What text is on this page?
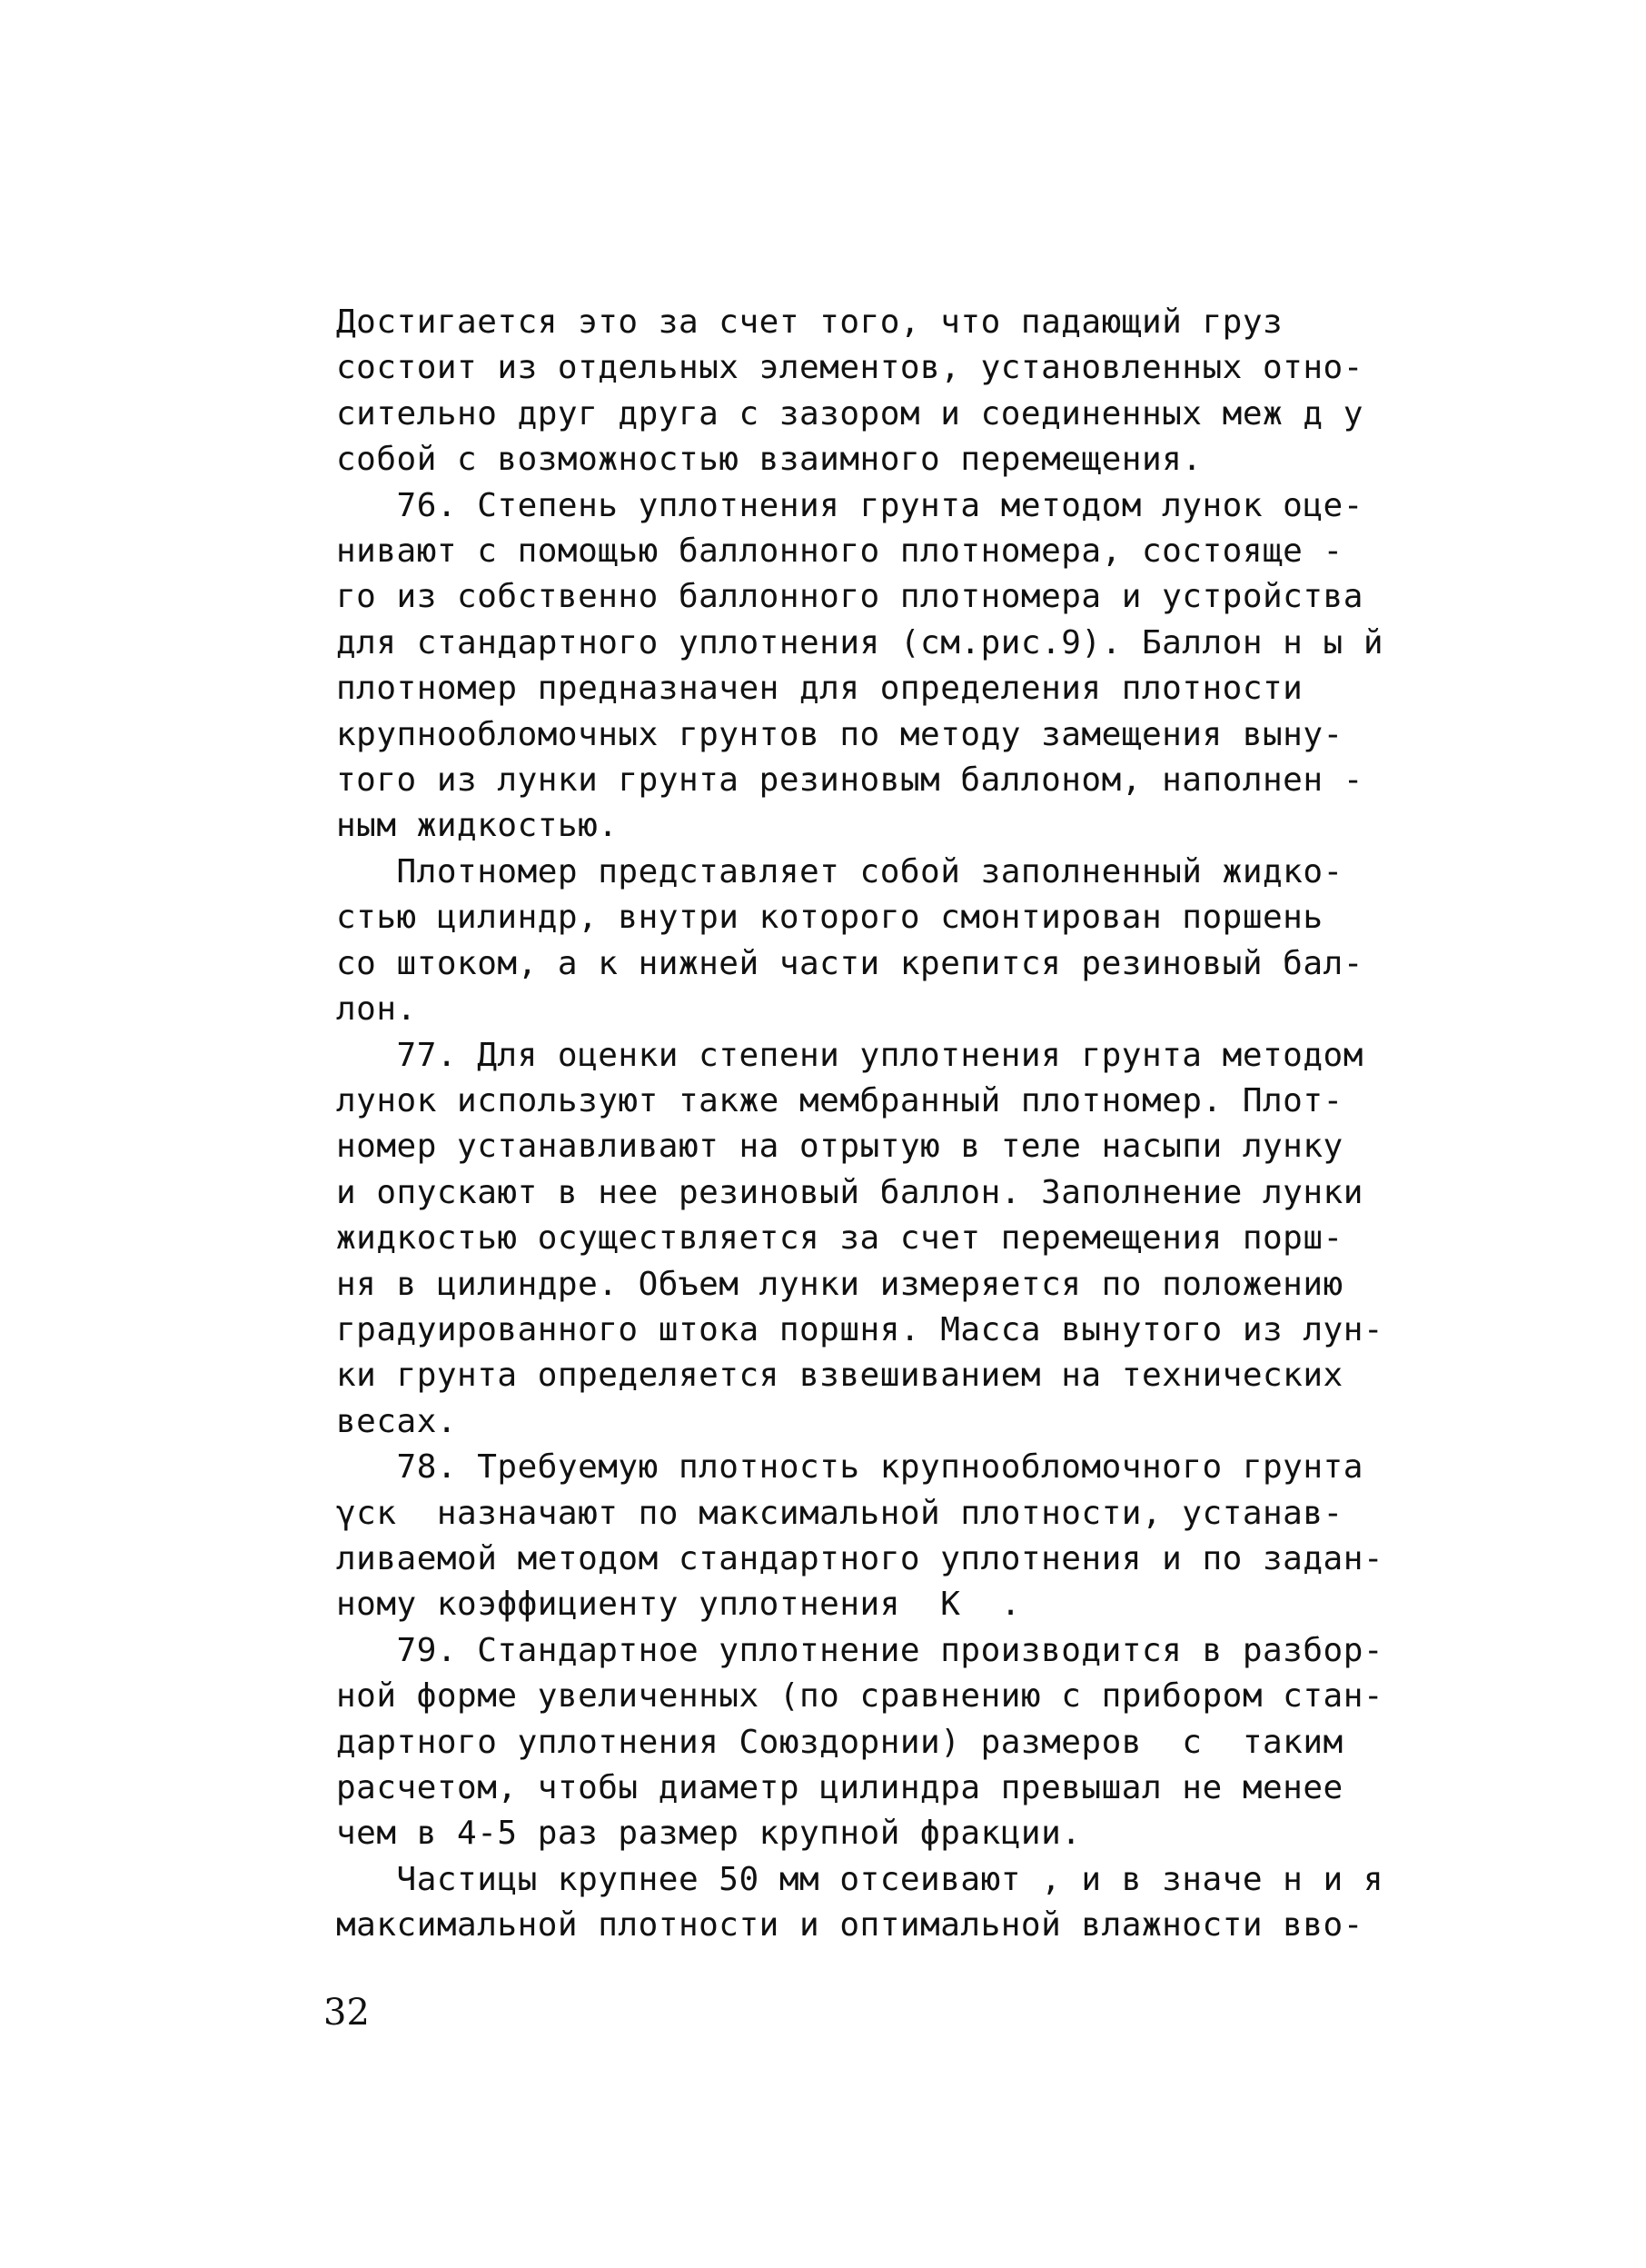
Достигается это за счет того, что падающий груз
состоит из отдельных элементов, установленных отно-
сительно друг друга с зазором и соединенных меж д у
собой с возможностью взаимного перемещения.
76. Степень уплотнения грунта методом лунок оце-
нивают с помощью баллонного плотномера, состояще -
го из собственно баллонного плотномера и устройства
для стандартного уплотнения (см.рис.9). Баллон н ы й
плотномер предназначен для определения плотности
крупнообломочных грунтов по методу замещения выну-
того из лунки грунта резиновым баллоном, наполнен -
ным жидкостью.
Плотномер представляет собой заполненный жидко-
стью цилиндр, внутри которого смонтирован поршень
со штоком, а к нижней части крепится резиновый бал-
лон.
77. Для оценки степени уплотнения грунта методом
лунок используют также мембранный плотномер. Плот-
номер устанавливают на отрытую в теле насыпи лунку
и опускают в нее резиновый баллон. Заполнение лунки
жидкостью осуществляется за счет перемещения порш-
ня в цилиндре. Объем лунки измеряется по положению
градуированного штока поршня. Масса вынутого из лун-
ки грунта определяется взвешиванием на технических
весах.
78. Требуемую плотность крупнообломочного грунта
γск  назначают по максимальной плотности, устанав-
ливаемой методом стандартного уплотнения и по задан-
ному коэффициенту уплотнения  К  .
79. Стандартное уплотнение производится в разбор-
ной форме увеличенных (по сравнению с прибором стан-
дартного уплотнения Союздорнии) размеров  с  таким
расчетом, чтобы диаметр цилиндра превышал не менее
чем в 4-5 раз размер крупной фракции.
Частицы крупнее 50 мм отсеивают , и в значе н и я
максимальной плотности и оптимальной влажности вво-
32
